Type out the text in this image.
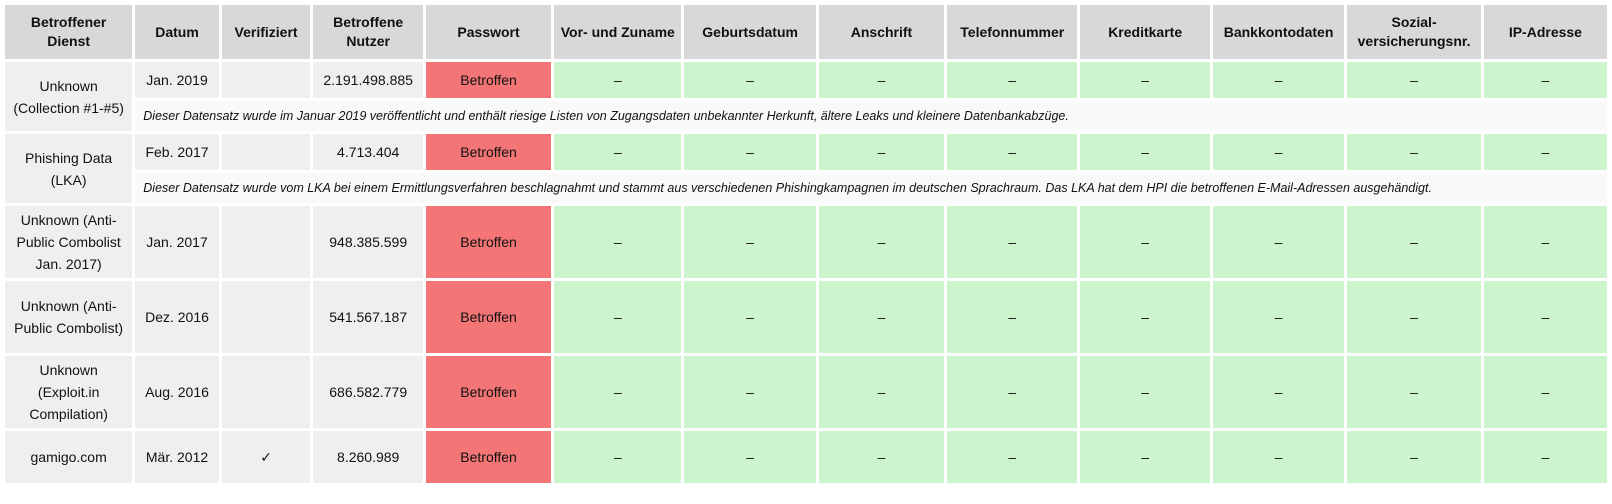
Betroffener Dienst	Datum	Verifiziert	Betroffene Nutzer	Passwort	Vor- und Zuname	Geburtsdatum	Anschrift	Telefonnummer	Kreditkarte	Bankkontodaten	Sozial-versicherungsnr.	IP-Adresse
Unknown (Collection #1-#5)	Jan. 2019		2.191.498.885	Betroffen	–	–	–	–	–	–	–	–
	Dieser Datensatz wurde im Januar 2019 veröffentlicht und enthält riesige Listen von Zugangsdaten unbekannter Herkunft, ältere Leaks und kleinere Datenbankabzüge.											
Phishing Data (LKA)	Feb. 2017		4.713.404	Betroffen	–	–	–	–	–	–	–	–
	Dieser Datensatz wurde vom LKA bei einem Ermittlungsverfahren beschlagnahmt und stammt aus verschiedenen Phishingkampagnen im deutschen Sprachraum. Das LKA hat dem HPI die betroffenen E-Mail-Adressen ausgehändigt.											
Unknown (Anti-Public Combolist Jan. 2017)	Jan. 2017		948.385.599	Betroffen	–	–	–	–	–	–	–	–
Unknown (Anti-Public Combolist)	Dez. 2016		541.567.187	Betroffen	–	–	–	–	–	–	–	–
Unknown (Exploit.in Compilation)	Aug. 2016		686.582.779	Betroffen	–	–	–	–	–	–	–	–
gamigo.com	Mär. 2012	✓	8.260.989	Betroffen	–	–	–	–	–	–	–	–
